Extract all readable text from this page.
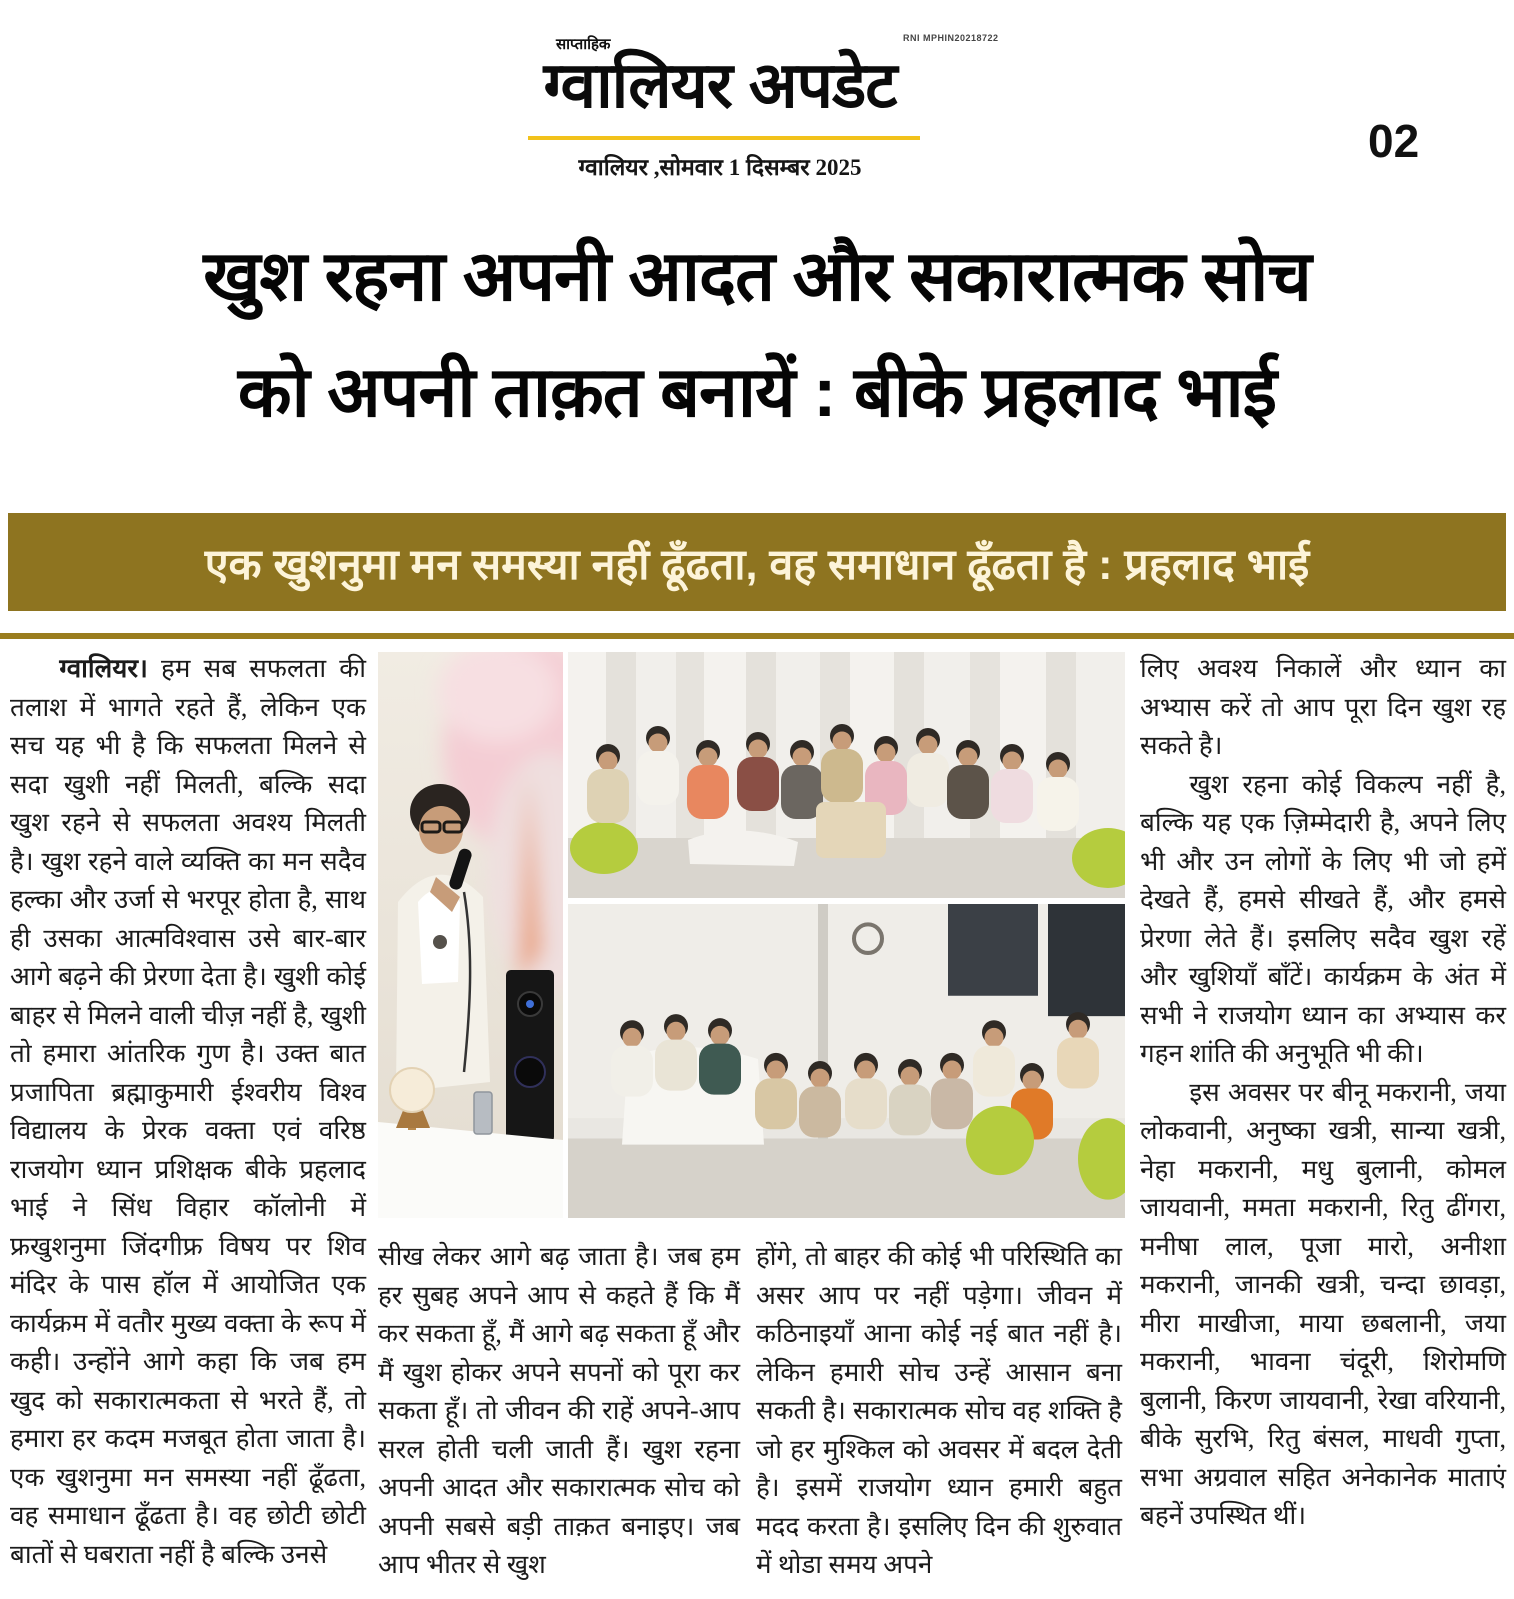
साप्ताहिक	RNI MPHIN20218722
ग्वालियर अपडेट
ग्वालियर ,सोमवार 1 दिसम्बर 2025
02
खुश रहना अपनी आदत और सकारात्मक सोच
को अपनी ताक़त बनायें : बीके प्रहलाद भाई
एक खुशनुमा मन समस्या नहीं ढूँढता, वह समाधान ढूँढता है : प्रहलाद भाई

ग्वालियर। हम सब सफलता की तलाश में भागते रहते हैं, लेकिन एक सच यह भी है कि सफलता मिलने से सदा खुशी नहीं मिलती, बल्कि सदा खुश रहने से सफलता अवश्य मिलती है। खुश रहने वाले व्यक्ति का मन सदैव हल्का और उर्जा से भरपूर होता है, साथ ही उसका आत्मविश्वास उसे बार-बार आगे बढ़ने की प्रेरणा देता है। खुशी कोई बाहर से मिलने वाली चीज़ नहीं है, खुशी तो हमारा आंतरिक गुण है। उक्त बात प्रजापिता ब्रह्माकुमारी ईश्वरीय विश्व विद्यालय के प्रेरक वक्ता एवं वरिष्ठ राजयोग ध्यान प्रशिक्षक बीके प्रहलाद भाई ने सिंध विहार कॉलोनी में फ्रखुशनुमा जिंदगीफ्र विषय पर शिव मंदिर के पास हॉल में आयोजित एक कार्यक्रम में वतौर मुख्य वक्ता के रूप में कही। उन्होंने आगे कहा कि जब हम खुद को सकारात्मकता से भरते हैं, तो हमारा हर कदम मजबूत होता जाता है। एक खुशनुमा मन समस्या नहीं ढूँढता, वह समाधान ढूँढता है। वह छोटी छोटी बातों से घबराता नहीं है बल्कि उनसे

सीख लेकर आगे बढ़ जाता है। जब हम हर सुबह अपने आप से कहते हैं कि मैं कर सकता हूँ, मैं आगे बढ़ सकता हूँ और मैं खुश होकर अपने सपनों को पूरा कर सकता हूँ। तो जीवन की राहें अपने-आप सरल होती चली जाती हैं। खुश रहना अपनी आदत और सकारात्मक सोच को अपनी सबसे बड़ी ताक़त बनाइए। जब आप भीतर से खुश

होंगे, तो बाहर की कोई भी परिस्थिति का असर आप पर नहीं पड़ेगा। जीवन में कठिनाइयाँ आना कोई नई बात नहीं है। लेकिन हमारी सोच उन्हें आसान बना सकती है। सकारात्मक सोच वह शक्ति है जो हर मुश्किल को अवसर में बदल देती है। इसमें राजयोग ध्यान हमारी बहुत मदद करता है। इसलिए दिन की शुरुवात में थोडा समय अपने

लिए अवश्य निकालें और ध्यान का अभ्यास करें तो आप पूरा दिन खुश रह सकते है।

खुश रहना कोई विकल्प नहीं है, बल्कि यह एक ज़िम्मेदारी है, अपने लिए भी और उन लोगों के लिए भी जो हमें देखते हैं, हमसे सीखते हैं, और हमसे प्रेरणा लेते हैं। इसलिए सदैव खुश रहें और खुशियाँ बाँटें। कार्यक्रम के अंत में सभी ने राजयोग ध्यान का अभ्यास कर गहन शांति की अनुभूति भी की।

इस अवसर पर बीनू मकरानी, जया लोकवानी, अनुष्का खत्री, सान्या खत्री, नेहा मकरानी, मधु बुलानी, कोमल जायवानी, ममता मकरानी, रितु ढींगरा, मनीषा लाल, पूजा मारो, अनीशा मकरानी, जानकी खत्री, चन्दा छावड़ा, मीरा माखीजा, माया छबलानी, जया मकरानी, भावना चंदूरी, शिरोमणि बुलानी, किरण जायवानी, रेखा वरियानी, बीके सुरभि, रितु बंसल, माधवी गुप्ता, सभा अग्रवाल सहित अनेकानेक माताएं बहनें उपस्थित थीं।
